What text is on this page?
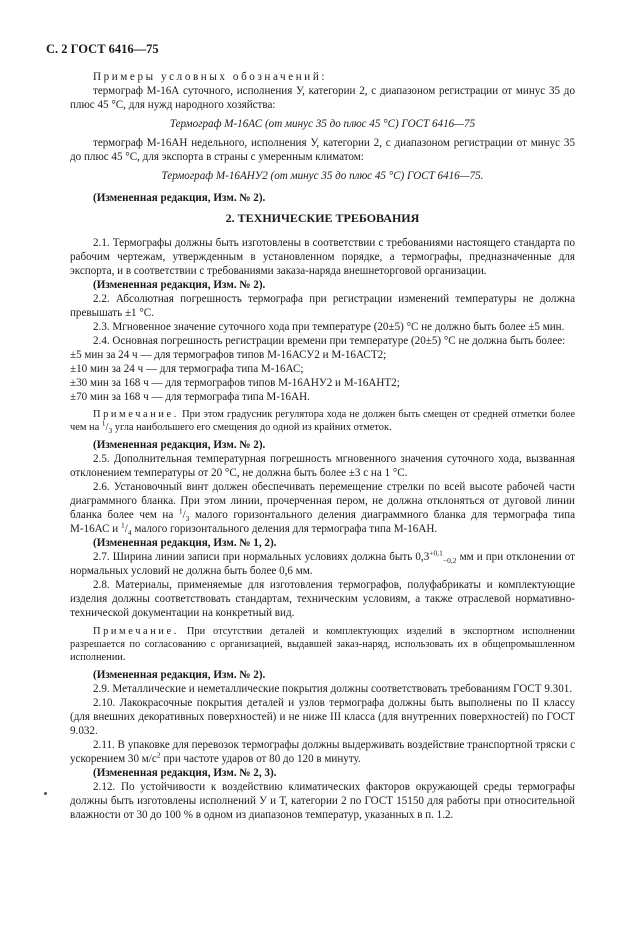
С. 2 ГОСТ 6416—75
Примеры условных обозначений:
термограф М-16А суточного, исполнения У, категории 2, с диапазоном регистрации от минус 35 до плюс 45 °С, для нужд народного хозяйства:
Термограф М-16АС (от минус 35 до плюс 45 °С) ГОСТ 6416—75
термограф М-16АН недельного, исполнения У, категории 2, с диапазоном регистрации от минус 35 до плюс 45 °С, для экспорта в страны с умеренным климатом:
Термограф М-16АНУ2 (от минус 35 до плюс 45 °С) ГОСТ 6416—75.
(Измененная редакция, Изм. № 2).
2. ТЕХНИЧЕСКИЕ ТРЕБОВАНИЯ

2.1. Термографы должны быть изготовлены в соответствии с требованиями настоящего стандарта по рабочим чертежам, утвержденным в установленном порядке, а термографы, предназначенные для экспорта, и в соответствии с требованиями заказа-наряда внешнеторговой организации.

(Измененная редакция, Изм. № 2).

2.2. Абсолютная погрешность термографа при регистрации изменений температуры не должна превышать ±1 °С.

2.3. Мгновенное значение суточного хода при температуре (20±5) °С не должно быть более ±5 мин.

2.4. Основная погрешность регистрации времени при температуре (20±5) °С не должна быть более:

±5 мин за 24 ч — для термографов типов М-16АСУ2 и М-16АСТ2;
±10 мин за 24 ч — для термографа типа М-16АС;
±30 мин за 168 ч — для термографов типов М-16АНУ2 и М-16АНТ2;
±70 мин за 168 ч — для термографа типа М-16АН.

Примечание. При этом градусник регулятора хода не должен быть смещен от средней отметки более чем на $^1/_3$ угла наибольшего его смещения до одной из крайних отметок.

(Измененная редакция, Изм. № 2).

2.5. Дополнительная температурная погрешность мгновенного значения суточного хода, вызванная отклонением температуры от 20 °С, не должна быть более ±3 с на 1 °С.

2.6. Установочный винт должен обеспечивать перемещение стрелки по всей высоте рабочей части диаграммного бланка. При этом линии, прочерченная пером, не должна отклоняться от дуговой линии бланка более чем на $^1/_3$ малого горизонтального деления диаграммного бланка для термографа типа М-16АС и $^1/_4$ малого горизонтального деления для термографа типа М-16АН.

(Измененная редакция, Изм. № 1, 2).

2.7. Ширина линии записи при нормальных условиях должна быть $0,3^{+0,1}_{-0,2}$ мм и при отклонении от нормальных условий не должна быть более 0,6 мм.

2.8. Материалы, применяемые для изготовления термографов, полуфабрикаты и комплектующие изделия должны соответствовать стандартам, техническим условиям, а также отраслевой нормативно-технической документации на конкретный вид.

Примечание. При отсутствии деталей и комплектующих изделий в экспортном исполнении разрешается по согласованию с организацией, выдавшей заказ-наряд, использовать их в общепромышленном исполнении.

(Измененная редакция, Изм. № 2).

2.9. Металлические и неметаллические покрытия должны соответствовать требованиям ГОСТ 9.301.

2.10. Лакокрасочные покрытия деталей и узлов термографа должны быть выполнены по II классу (для внешних декоративных поверхностей) и не ниже III класса (для внутренних поверхностей) по ГОСТ 9.032.

2.11. В упаковке для перевозок термографы должны выдерживать воздействие транспортной тряски с ускорением 30 $м/с^2$ при частоте ударов от 80 до 120 в минуту.

(Измененная редакция, Изм. № 2, 3).

2.12. По устойчивости к воздействию климатических факторов окружающей среды термографы должны быть изготовлены исполнений У и Т, категории 2 по ГОСТ 15150 для работы при относительной влажности от 30 до 100 % в одном из диапазонов температур, указанных в п. 1.2.
